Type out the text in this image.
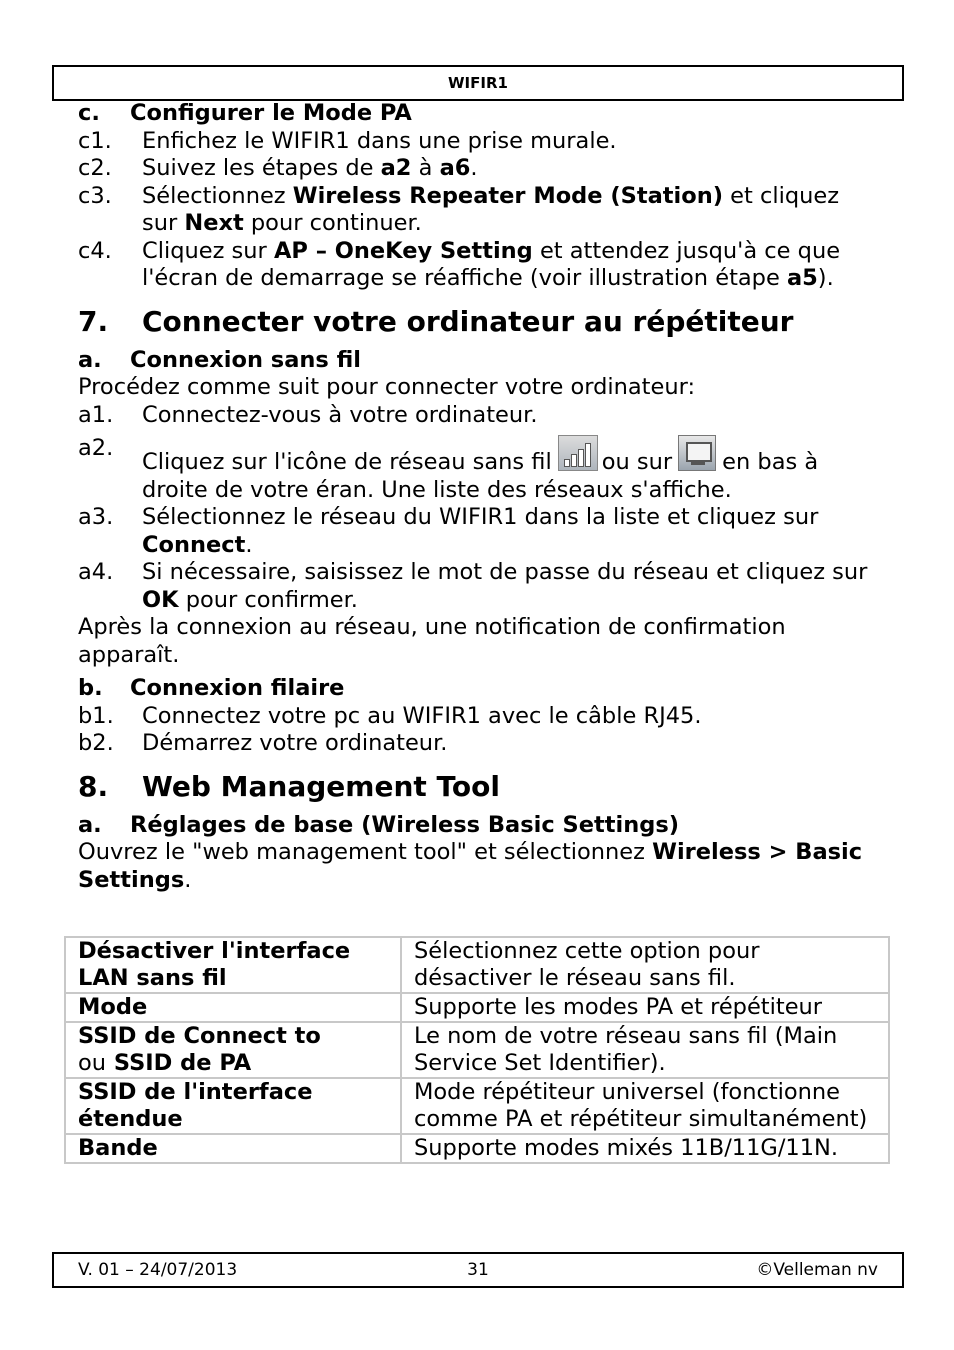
WIFIR1
c. Configurer le Mode PA
c1. Enfichez le WIFIR1 dans une prise murale.
c2. Suivez les étapes de a2 à a6.
c3. Sélectionnez Wireless Repeater Mode (Station) et cliquez sur Next pour continuer.
c4. Cliquez sur AP – OneKey Setting et attendez jusqu'à ce que l'écran de demarrage se réaffiche (voir illustration étape a5).
7. Connecter votre ordinateur au répétiteur
a. Connexion sans fil
Procédez comme suit pour connecter votre ordinateur:
a1. Connectez-vous à votre ordinateur.
a2.
Cliquez sur l'icône de réseau sans fil ou sur en bas à droite de votre éran. Une liste des réseaux s'affiche.
a3. Sélectionnez le réseau du WIFIR1 dans la liste et cliquez sur Connect.
a4. Si nécessaire, saisissez le mot de passe du réseau et cliquez sur OK pour confirmer.
Après la connexion au réseau, une notification de confirmation apparaît.
b. Connexion filaire
b1. Connectez votre pc au WIFIR1 avec le câble RJ45.
b2. Démarrez votre ordinateur.
8. Web Management Tool
a. Réglages de base (Wireless Basic Settings)
Ouvrez le "web management tool" et sélectionnez Wireless > Basic Settings.
Désactiver l'interface LAN sans fil	Sélectionnez cette option pour désactiver le réseau sans fil.
Mode	Supporte les modes PA et répétiteur
SSID de Connect to
ou SSID de PA	Le nom de votre réseau sans fil (Main Service Set Identifier).
SSID de l'interface étendue	Mode répétiteur universel (fonctionne comme PA et répétiteur simultanément)
Bande	Supporte modes mixés 11B/11G/11N.
V. 01 – 24/07/2013	31	©Velleman nv
